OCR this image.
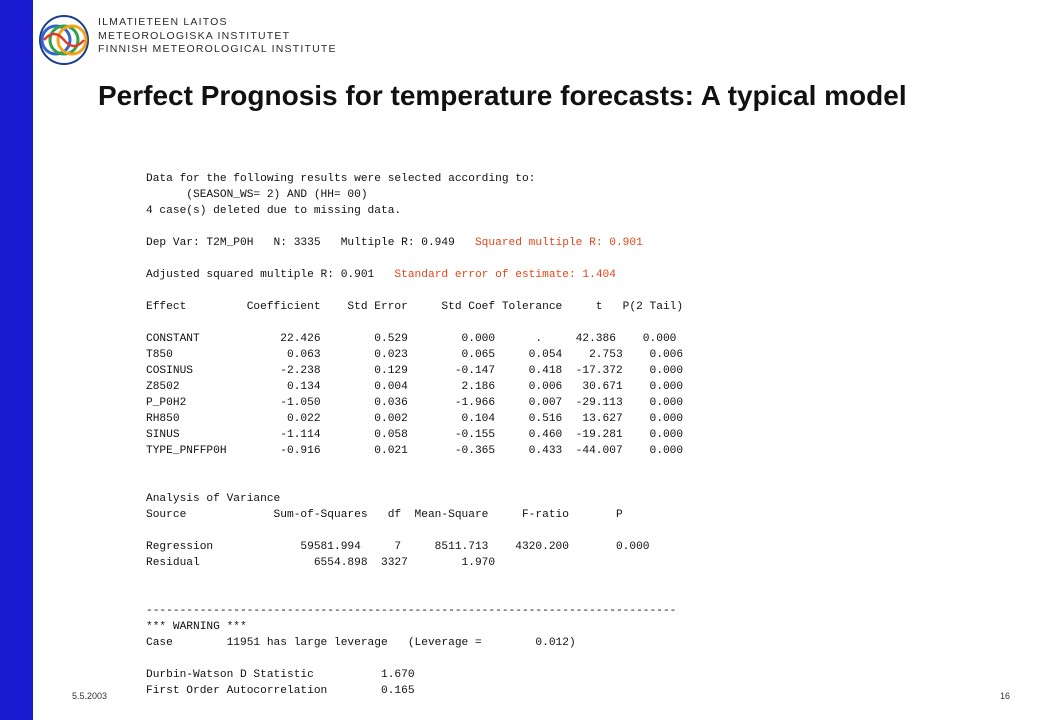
ILMATIETEEN LAITOS
METEOROLOGISKA INSTITUTET
FINNISH METEOROLOGICAL INSTITUTE
Perfect Prognosis for temperature forecasts: A typical model
Data for the following results were selected according to:
(SEASON_WS= 2) AND (HH= 00)
4 case(s) deleted due to missing data.
Dep Var: T2M_P0H   N: 3335   Multiple R: 0.949   Squared multiple R: 0.901
Adjusted squared multiple R: 0.901   Standard error of estimate: 1.404
Effect         Coefficient    Std Error     Std Coef Tolerance     t   P(2 Tail)
CONSTANT            22.426        0.529        0.000      .     42.386    0.000
T850                 0.063        0.023        0.065     0.054    2.753    0.006
COSINUS             -2.238        0.129       -0.147     0.418  -17.372    0.000
Z8502                0.134        0.004        2.186     0.006   30.671    0.000
P_P0H2              -1.050        0.036       -1.966     0.007  -29.113    0.000
RH850                0.022        0.002        0.104     0.516   13.627    0.000
SINUS               -1.114        0.058       -0.155     0.460  -19.281    0.000
TYPE_PNFFP0H        -0.916        0.021       -0.365     0.433  -44.007    0.000
Analysis of Variance
Source             Sum-of-Squares   df  Mean-Square     F-ratio       P
Regression             59581.994     7     8511.713    4320.200       0.000
Residual                 6554.898  3327        1.970
-------------------------------------------------------------------------------
*** WARNING ***
Case        11951 has large leverage   (Leverage =        0.012)
Durbin-Watson D Statistic          1.670
First Order Autocorrelation        0.165
5.5.2003	16
